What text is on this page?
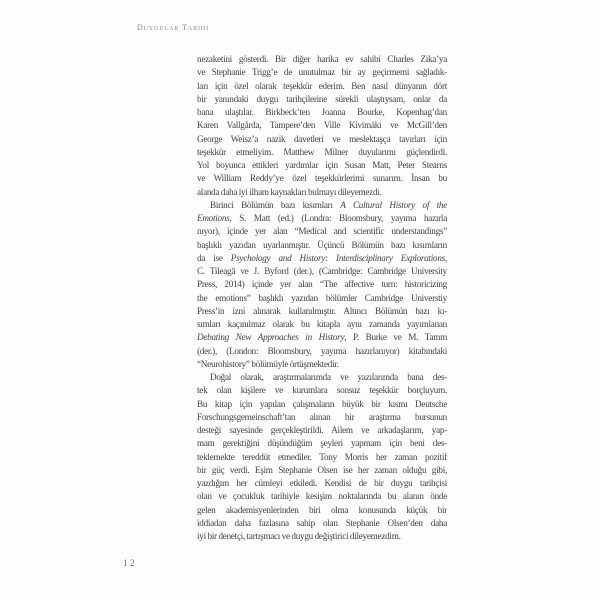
Duygular Tarihi
nezaketini gösterdi. Bir diğer harika ev sahibi Charles Zika’ya
ve Stephanie Trigg’e de unutulmaz bir ay geçirmemi sağladık-
ları için özel olarak teşekkür ederim. Ben nasıl dünyanın dört
bir yanındaki duygu tarihçilerine sürekli ulaştıysam, onlar da
bana ulaştılar. Birkbeck’ten Joanna Bourke, Kopenhag’dan
Karen Vallgårda, Tampere’den Ville Kivimäki ve McGill’den
George Weisz’a nazik davetleri ve meslektaşça tavırları için
teşekkür etmeliyim. Matthew Milner duyularımı güçlendirdi.
Yol boyunca ettikleri yardımlar için Susan Matt, Peter Stearns
ve William Reddy’ye özel teşekkürlerimi sunarım. İnsan bu
alanda daha iyi ilham kaynakları bulmayı dileyemezdi.
Birinci Bölümün bazı kısımları A Cultural History of the
Emotions, S. Matt (ed.) (Londra: Bloomsbury, yayıma hazırla
nıyor), içinde yer alan “Medical and scientific understandings”
başlıklı yazıdan uyarlanmıştır. Üçüncü Bölümün bazı kısımların
da ise Psychology and History: Interdisciplinary Explorations,
C. Tileagă ve J. Byford (der.), (Cambridge: Cambridge University
Press, 2014) içinde yer alan “The affective turn: historicizing
the emotions” başlıklı yazıdan bölümler Cambridge Universtiy
Press’in izni alınarak kullanılmıştır. Altıncı Bölümün bazı kı-
sımları kaçınılmaz olarak bu kitapla aynı zamanda yayımlanan
Debating New Approaches in History, P. Burke ve M. Tamm
(der.), (London: Bloomsbury, yayıma hazırlanıyor) kitabındaki
“Neurohistory” bölümüyle örtüşmektedir.
Doğal olarak, araştırmalarımda ve yazılarımda bana des-
tek olan kişilere ve kurumlara sonsuz teşekkür borçluyum.
Bu kitap için yapılan çalışmaların büyük bir kısmı Deutsche
Forschungsgemeinschaft’tan alınan bir araştırma bursunun
desteği sayesinde gerçekleştirildi. Ailem ve arkadaşlarım, yap-
mam gerektiğini düşündüğüm şeyleri yapmam için beni des-
teklemekte tereddüt etmediler. Tony Morris her zaman pozitif
bir güç verdi. Eşim Stephanie Olsen ise her zaman olduğu gibi,
yazdığım her cümleyi etkiledi. Kendisi de bir duygu tarihçisi
olan ve çocukluk tarihiyle kesişim noktalarında bu alanın önde
gelen akademisyenlerinden biri olma konusunda küçük bir
iddiadan daha fazlasına sahip olan Stephanie Olsen’den daha
iyi bir denetçi, tartışmacı ve duygu değiştirici dileyemezdim.
12
